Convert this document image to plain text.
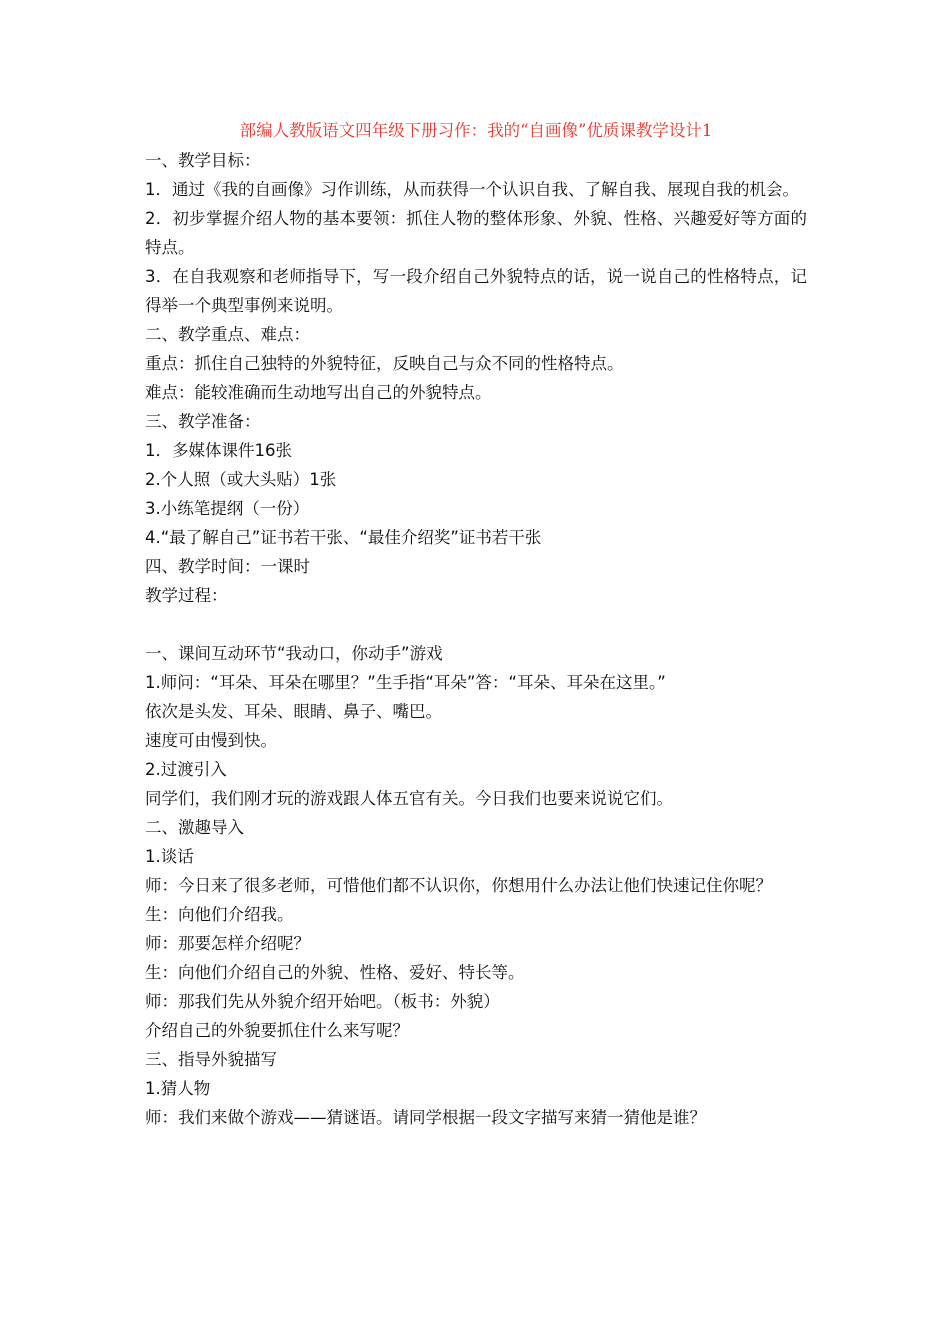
部编人教版语文四年级下册习作：我的“自画像”优质课教学设计1
一、教学目标：
1．通过《我的自画像》习作训练，从而获得一个认识自我、了解自我、展现自我的机会。
2．初步掌握介绍人物的基本要领：抓住人物的整体形象、外貌、性格、兴趣爱好等方面的特点。
3．在自我观察和老师指导下，写一段介绍自己外貌特点的话，说一说自己的性格特点，记得举一个典型事例来说明。
二、教学重点、难点：
重点：抓住自己独特的外貌特征，反映自己与众不同的性格特点。
难点：能较准确而生动地写出自己的外貌特点。
三、教学准备：
1．多媒体课件16张
2.个人照（或大头贴）1张
3.小练笔提纲（一份）
4.“最了解自己”证书若干张、“最佳介绍奖”证书若干张
四、教学时间：一课时
教学过程：
一、课间互动环节“我动口，你动手”游戏
1.师问：“耳朵、耳朵在哪里？”生手指“耳朵”答：“耳朵、耳朵在这里。”
依次是头发、耳朵、眼睛、鼻子、嘴巴。
速度可由慢到快。
2.过渡引入
同学们，我们刚才玩的游戏跟人体五官有关。今日我们也要来说说它们。
二、激趣导入
1.谈话
师：今日来了很多老师，可惜他们都不认识你，你想用什么办法让他们快速记住你呢？
生：向他们介绍我。
师：那要怎样介绍呢？
生：向他们介绍自己的外貌、性格、爱好、特长等。
师：那我们先从外貌介绍开始吧。（板书：外貌）
介绍自己的外貌要抓住什么来写呢？
三、指导外貌描写
1.猜人物
师：我们来做个游戏——猜谜语。请同学根据一段文字描写来猜一猜他是谁？
